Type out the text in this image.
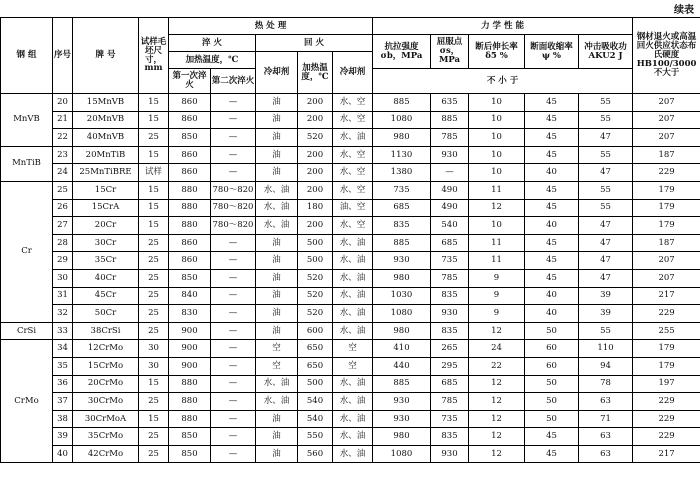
续表
钢 组	序号	牌 号	试样毛坯尺寸，mm	热 处 理					力 学 性 能					钢材退火或高温回火供应状态布氏硬度 HB100/3000 不大于
				淬 火		回 火			抗拉强度 σb，MPa	屈服点 σs，MPa	断后伸长率 δ5 %	断面收缩率 ψ %	冲击吸收功 AKU2 J	
				加热温度，℃		冷却剂	加热温度，℃	冷却剂						
				第一次淬火	第二次淬火				不 小 于					
MnVB	20	15MnVB	15	860	—	油	200	水、空	885	635	10	45	55	207
	21	20MnVB	15	860	—	油	200	水、空	1080	885	10	45	55	207
	22	40MnVB	25	850	—	油	520	水、油	980	785	10	45	47	207
MnTiB	23	20MnTiB	15	860	—	油	200	水、空	1130	930	10	45	55	187
	24	25MnTiBRE	试样	860	—	油	200	水、空	1380	—	10	40	47	229
Cr	25	15Cr	15	880	780～820	水、油	200	水、空	735	490	11	45	55	179
	26	15CrA	15	880	780～820	水、油	180	油、空	685	490	12	45	55	179
	27	20Cr	15	880	780～820	水、油	200	水、空	835	540	10	40	47	179
	28	30Cr	25	860	—	油	500	水、油	885	685	11	45	47	187
	29	35Cr	25	860	—	油	500	水、油	930	735	11	45	47	207
	30	40Cr	25	850	—	油	520	水、油	980	785	9	45	47	207
	31	45Cr	25	840	—	油	520	水、油	1030	835	9	40	39	217
	32	50Cr	25	830	—	油	520	水、油	1080	930	9	40	39	229
CrSi	33	38CrSi	25	900	—	油	600	水、油	980	835	12	50	55	255
CrMo	34	12CrMo	30	900	—	空	650	空	410	265	24	60	110	179
	35	15CrMo	30	900	—	空	650	空	440	295	22	60	94	179
	36	20CrMo	15	880	—	水、油	500	水、油	885	685	12	50	78	197
	37	30CrMo	25	880	—	水、油	540	水、油	930	785	12	50	63	229
	38	30CrMoA	15	880	—	油	540	水、油	930	735	12	50	71	229
	39	35CrMo	25	850	—	油	550	水、油	980	835	12	45	63	229
	40	42CrMo	25	850	—	油	560	水、油	1080	930	12	45	63	217
